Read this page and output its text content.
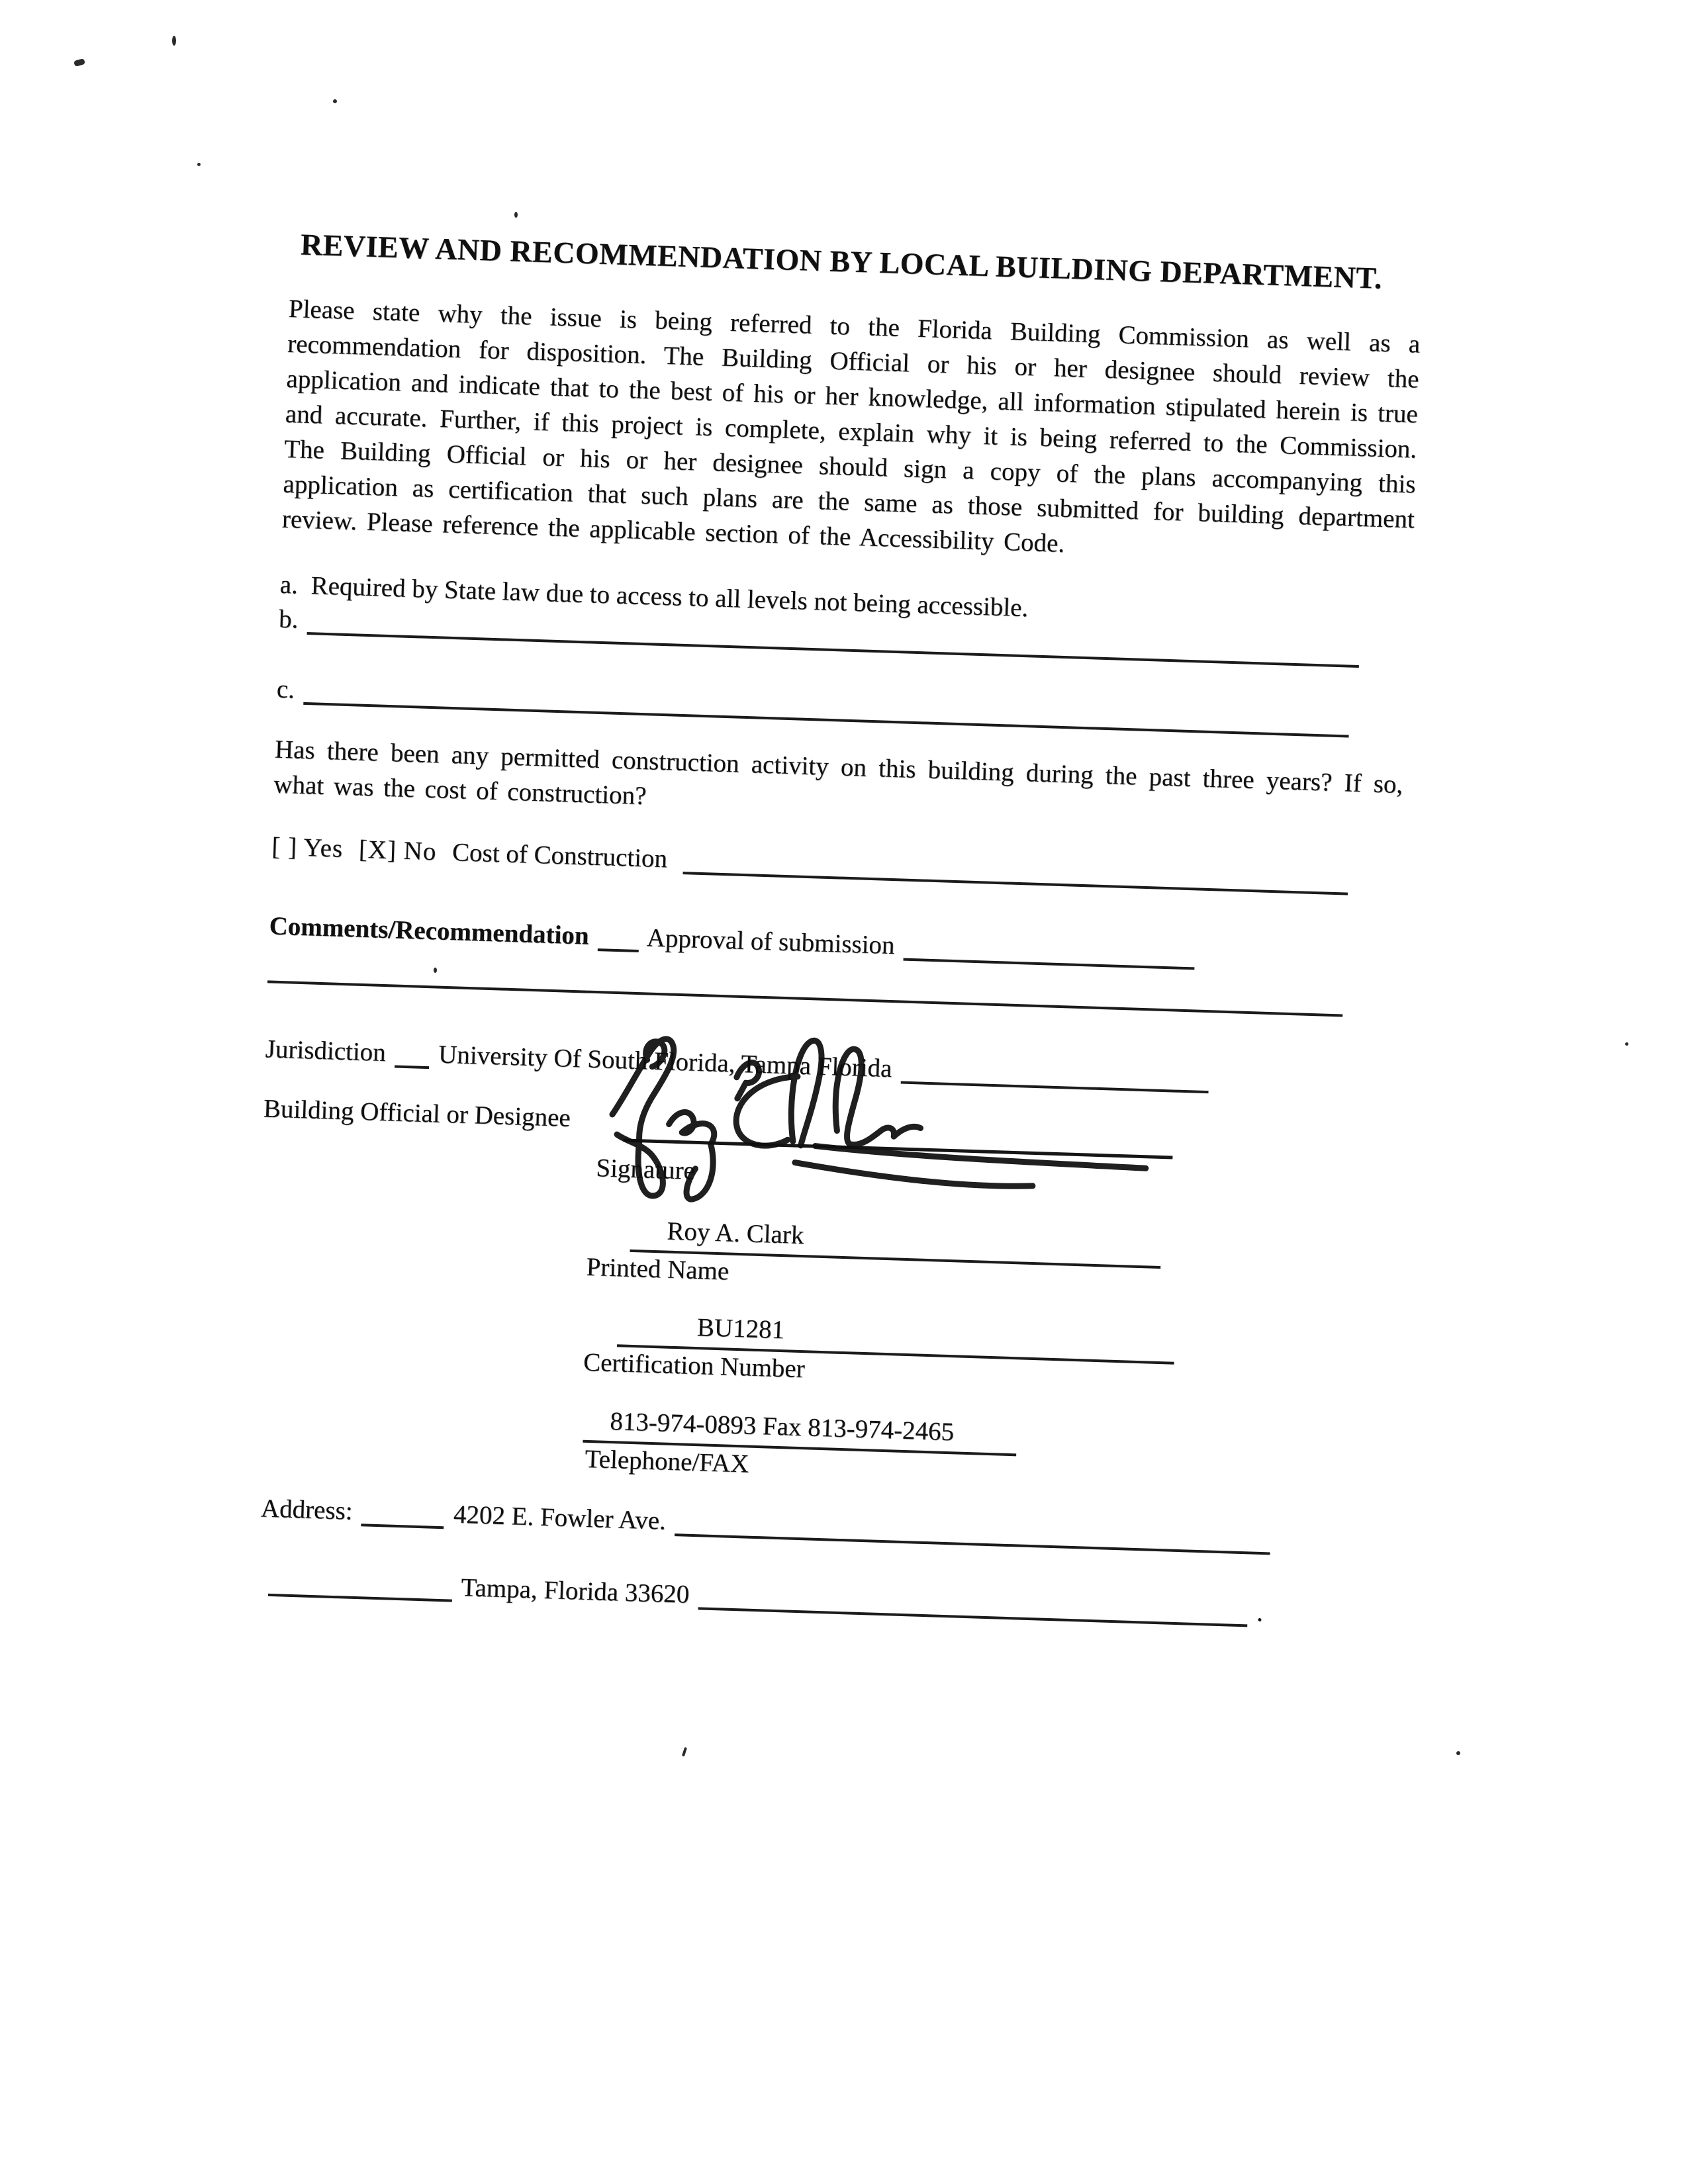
REVIEW AND RECOMMENDATION BY LOCAL BUILDING DEPARTMENT.
Please state why the issue is being referred to the Florida Building Commission as well as a recommendation for disposition. The Building Official or his or her designee should review the application and indicate that to the best of his or her knowledge, all information stipulated herein is true and accurate. Further, if this project is complete, explain why it is being referred to the Commission. The Building Official or his or her designee should sign a copy of the plans accompanying this application as certification that such plans are the same as those submitted for building department review. Please reference the applicable section of the Accessibility Code.
a. Required by State law due to access to all levels not being accessible.
b.
c.
Has there been any permitted construction activity on this building during the past three years? If so, what was the cost of construction?
[ ] Yes [X] No Cost of Construction
Comments/Recommendation Approval of submission
Jurisdiction University Of South Florida, Tampa Florida
Building Official or Designee
Signature
Roy A. Clark
Printed Name
BU1281
Certification Number
813-974-0893 Fax 813-974-2465
Telephone/FAX
Address:	4202 E. Fowler Ave.
Tampa, Florida 33620  .
